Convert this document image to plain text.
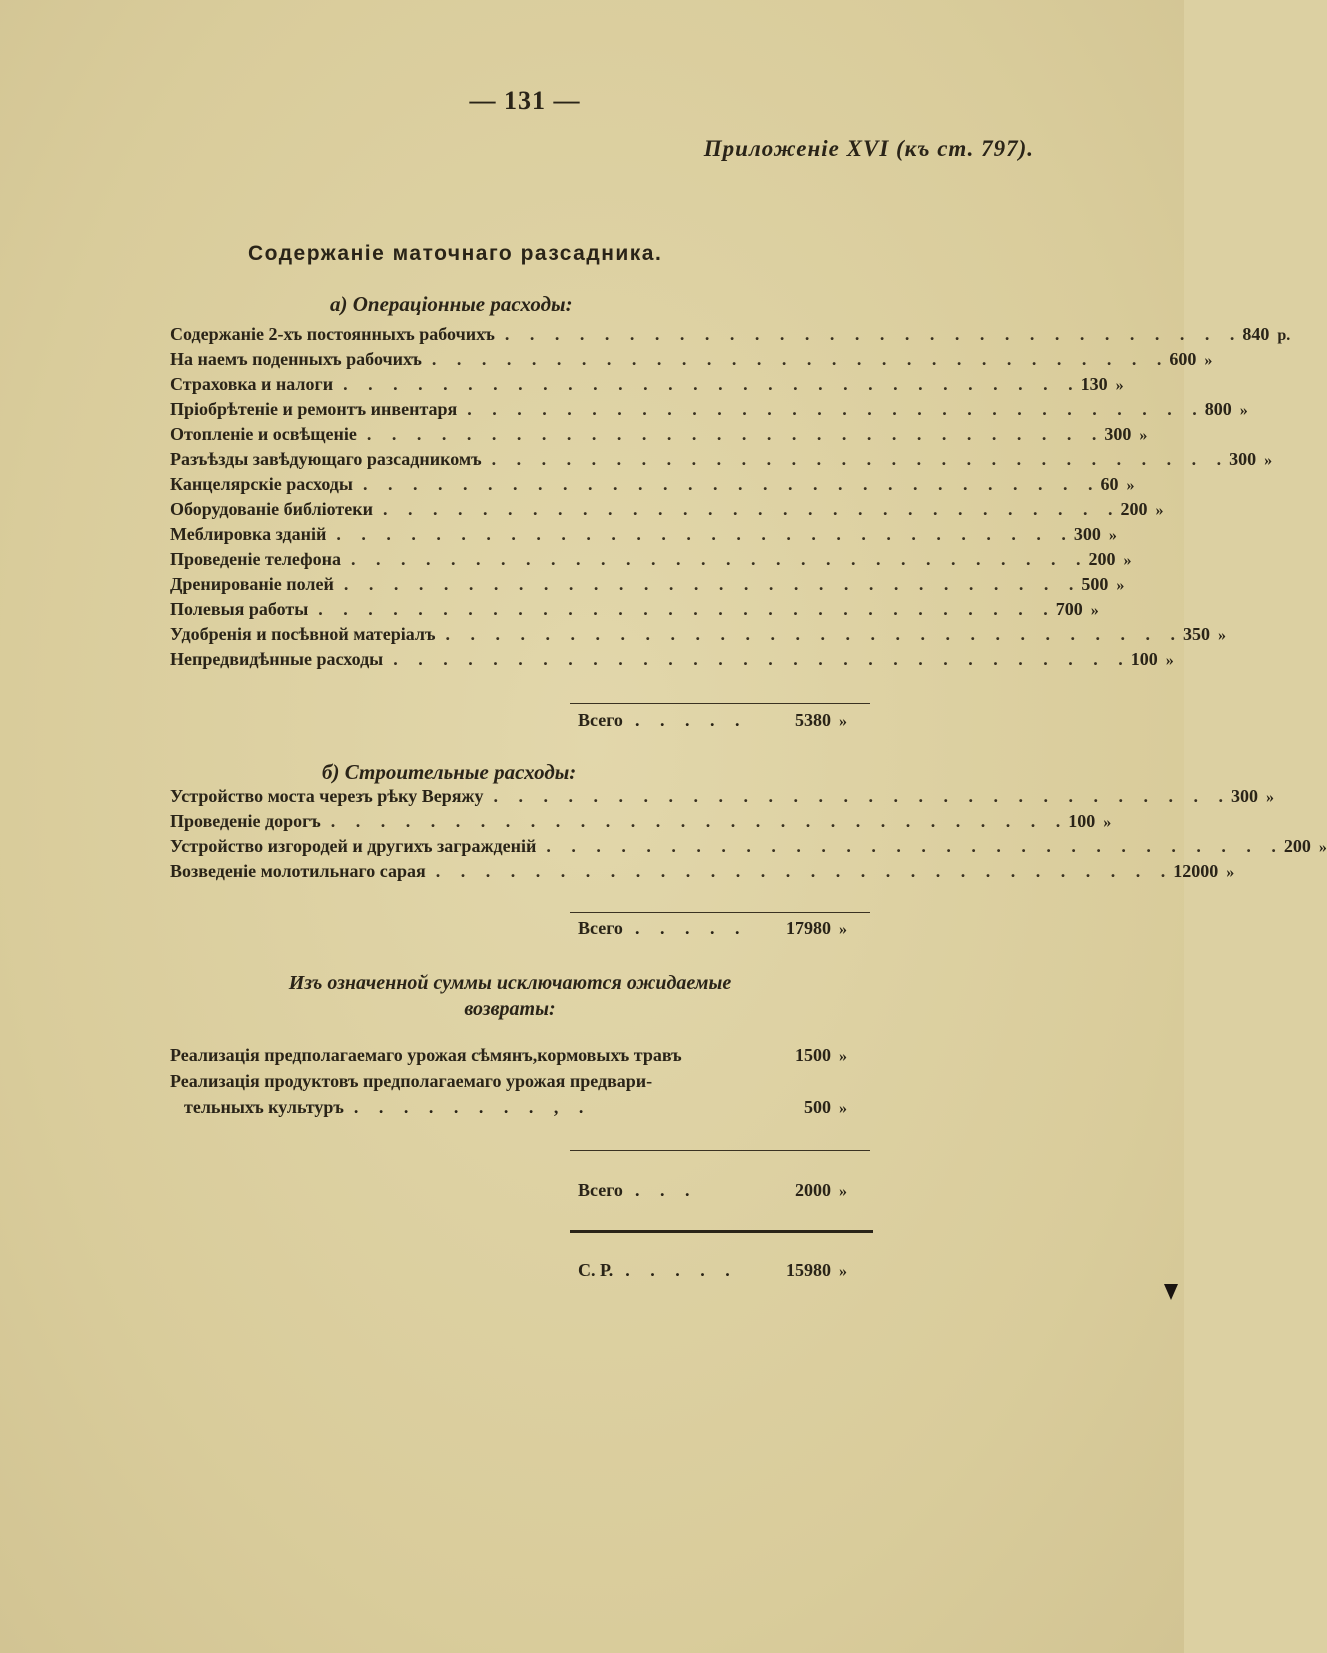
— 131 —
Приложеніе XVI (къ ст. 797).
Содержаніе маточнаго разсадника.
а) Операціонные расходы:
Содержаніе 2-хъ постоянныхъ рабочихъ . . . . . . . . . . . . . . . . . . . . . . . . . . . . . . 840 р.
На наемъ поденныхъ рабочихъ . . . . . . . . . . . . . . . . . . . . . . . . . . . . . . 600 »
Страховка и налоги . . . . . . . . . . . . . . . . . . . . . . . . . . . . . . 130 »
Пріобрѣтеніе и ремонтъ инвентаря . . . . . . . . . . . . . . . . . . . . . . . . . . . . . . 800 »
Отопленіе и освѣщеніе . . . . . . . . . . . . . . . . . . . . . . . . . . . . . . 300 »
Разъѣзды завѣдующаго разсадникомъ . . . . . . . . . . . . . . . . . . . . . . . . . . . . . . 300 »
Канцелярскіе расходы . . . . . . . . . . . . . . . . . . . . . . . . . . . . . . 60 »
Оборудованіе библіотеки . . . . . . . . . . . . . . . . . . . . . . . . . . . . . . 200 »
Меблировка зданій . . . . . . . . . . . . . . . . . . . . . . . . . . . . . . 300 »
Проведеніе телефона . . . . . . . . . . . . . . . . . . . . . . . . . . . . . . 200 »
Дренированіе полей . . . . . . . . . . . . . . . . . . . . . . . . . . . . . . 500 »
Полевыя работы . . . . . . . . . . . . . . . . . . . . . . . . . . . . . . 700 »
Удобренія и посѣвной матеріалъ . . . . . . . . . . . . . . . . . . . . . . . . . . . . . . 350 »
Непредвидѣнные расходы . . . . . . . . . . . . . . . . . . . . . . . . . . . . . . 100 »
Всего . . . . .	5380 »
б) Строительные расходы:
Устройство моста черезъ рѣку Веряжу . . . . . . . . . . . . . . . . . . . . . . . . . . . . . . 300 »
Проведеніе дорогъ . . . . . . . . . . . . . . . . . . . . . . . . . . . . . . 100 »
Устройство изгородей и другихъ загражденій . . . . . . . . . . . . . . . . . . . . . . . . . . . . . . 200 »
Возведеніе молотильнаго сарая . . . . . . . . . . . . . . . . . . . . . . . . . . . . . . 12000 »
Всего . . . . .	17980 »
Изъ означенной суммы исключаются ожидаемые
возвраты:
Реализація предполагаемаго урожая сѣмянъ,кормовыхъ травъ	1500 »
Реализація продуктовъ предполагаемаго урожая предвари-
тельныхъ культуръ . . . . . . . . , .	500 »
Всего . . .	2000 »
С. Р. . . . . .	15980 »
